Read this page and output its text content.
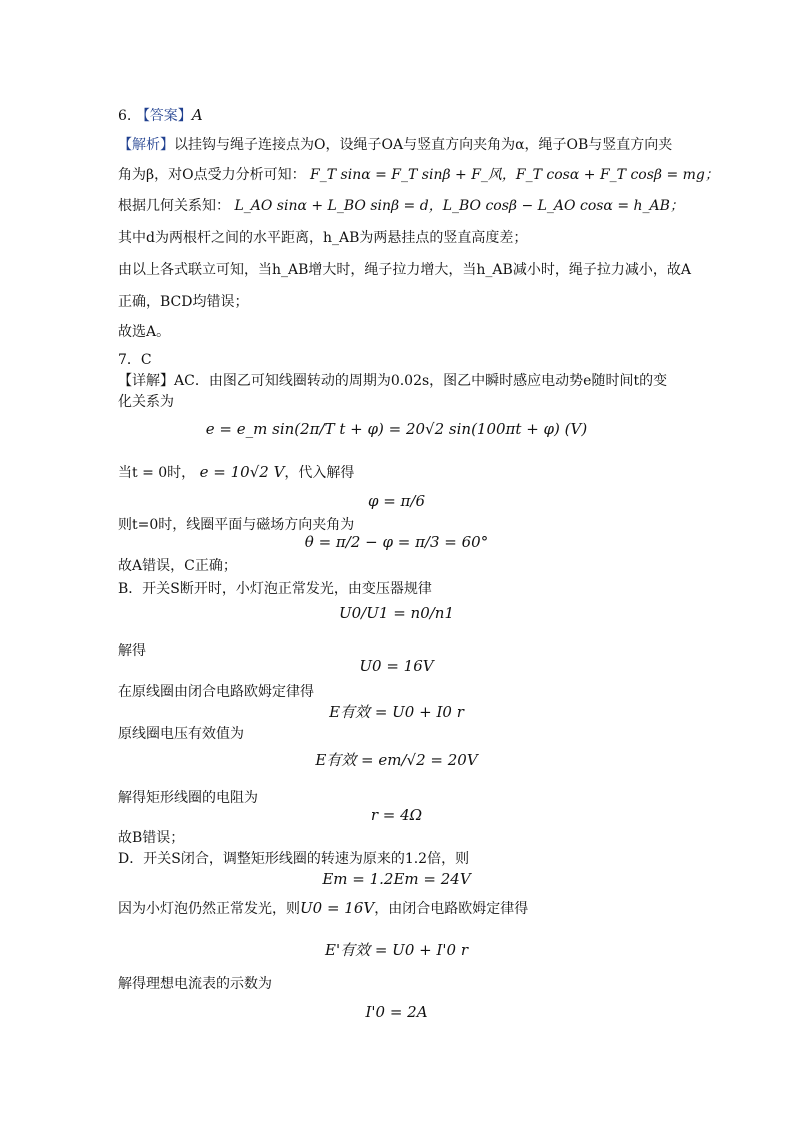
6. 【答案】A
【解析】以挂钩与绳子连接点为O，设绳子OA与竖直方向夹角为α，绳子OB与竖直方向夹
角为β，对O点受力分析可知： F_T sinα = F_T sinβ + F_风，F_T cosα + F_T cosβ = mg；
根据几何关系知： L_AO sinα + L_BO sinβ = d，L_BO cosβ − L_AO cosα = h_AB；
其中d为两根杆之间的水平距离，h_AB为两悬挂点的竖直高度差；
由以上各式联立可知，当h_AB增大时，绳子拉力增大，当h_AB减小时，绳子拉力减小，故A
正确，BCD均错误；
故选A。
7．C
【详解】AC．由图乙可知线圈转动的周期为0.02s，图乙中瞬时感应电动势e随时间t的变
化关系为
e = e_m sin(2π/T t + φ) = 20√2 sin(100πt + φ) (V)
当t = 0时， e = 10√2 V，代入解得
φ = π/6
则t=0时，线圈平面与磁场方向夹角为
θ = π/2 − φ = π/3 = 60°
故A错误，C正确；
B．开关S断开时，小灯泡正常发光，由变压器规律
U0/U1 = n0/n1
解得
U0 = 16V
在原线圈由闭合电路欧姆定律得
E有效 = U0 + I0 r
原线圈电压有效值为
E有效 = em/√2 = 20V
解得矩形线圈的电阻为
r = 4Ω
故B错误；
D．开关S闭合，调整矩形线圈的转速为原来的1.2倍，则
Em = 1.2Em = 24V
因为小灯泡仍然正常发光，则U0 = 16V，由闭合电路欧姆定律得
E'有效 = U0 + I'0 r
解得理想电流表的示数为
I'0 = 2A
